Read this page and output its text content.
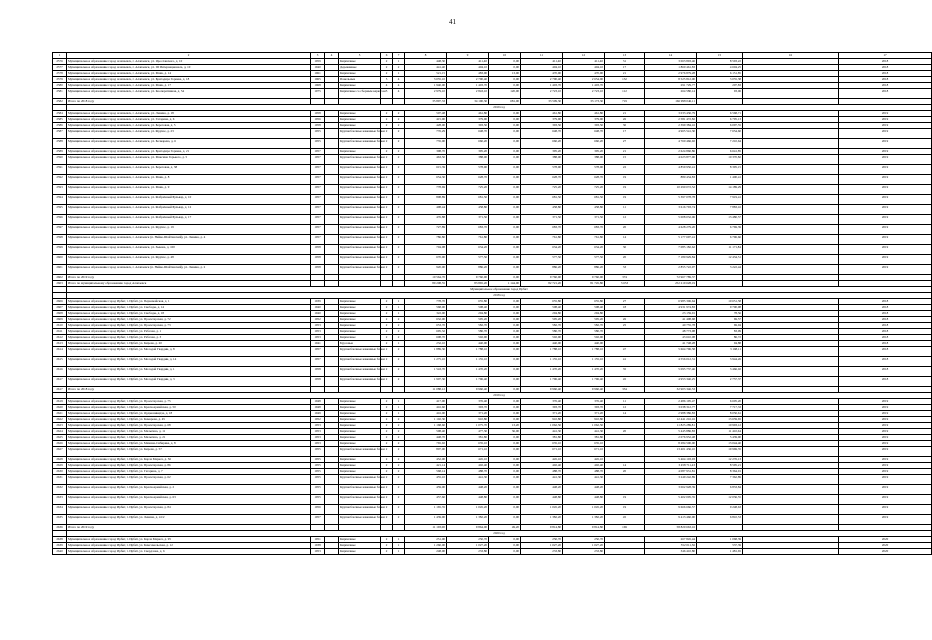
41
1	2	3	4	5	6	7	8	9	10	11	12	13	14	15	16	17
2576	Муниципальное образование город Алапаевск, г. Алапаевск, ул. Ярославского, д. 10	1959		Кирпичные	2	1	448,30	411,40	0,00	411,40	411,40	31	3 063 893,46	8 593,22		2018
2577	Муниципальное образование город Алапаевск, г. Алапаевск, ул. III Интернационала, д. 10	1940		Деревянные	2	2	441,40	404,10	0,00	404,10	404,10	17	1 860 461,83	4 604,25		2018
2578	Муниципальное образование город Алапаевск, г. Алапаевск, ул. Маяк, д. 14	1961		Кирпичные	2	1	521,15	483,90	13,00	470,90	470,90	21	2 976 879,28	6 151,85		2018
2579	Муниципальное образование город Алапаевск, г. Алапаевск, ул. Бригадира Горяева, д. 18	1965		Панельные	5	4	3 055,10	2 790,40	0,00	2 790,40	2 654,90	132	8 525 812,00	3 055,38		2018
2580	Муниципальное образование город Алапаевск, г. Алапаевск, ул. Маяк, д. 17	1968		Кирпичные	4	4	1 940,00	1 403,70	0,00	1 403,70	1 403,70		291 729,77	207,83		2018
2581	Муниципальное образование город Алапаевск, г. Алапаевск, ул. Кооперативная, д. 54	1975		Кирпичные со сборным каркасом	5	4	2 979,10	2 843,10	120,00	2 723,10	2 723,10	112	264 580,14	93,06		2018
2582	Итого по 2018 году						35 897,33	34 190,30	681,00	33 509,30	33 173,30	719	166 998 046,11			
	2019 год															
2584	Муниципальное образование город Алапаевск, г. Алапаевск, ул. Ленина, д. 18	1958		Кирпичные	2	2	507,48	461,80	0,00	461,80	461,80	21	3 033 430,79	6 568,71		2019
2585	Муниципальное образование город Алапаевск, г. Алапаевск, ул. Гагарина, д. 6	1956		Кирпичные	2	2	415,90	379,90	0,00	379,90	379,90	26	2 581 472,82	6 795,13		2019
2586	Муниципальное образование город Алапаевск, г. Алапаевск, ул. Береговая, д. 5	1958		Кирпичные	2	2	428,00	393,50	0,00	393,50	393,50	30	2 399 384,16	6 097,55		2019
2587	Муниципальное образование город Алапаевск, г. Алапаевск, ул. Фрунзе, д. 23	1955		Крупноблочные каменные блоки	2	2	776,29	648,70	0,00	648,70	648,70	17	4 965 541,30	7 654,60		2019
2588	Муниципальное образование город Алапаевск, г. Алапаевск, ул. Бочкарева, д. 6	1955		Крупноблочные каменные блоки	2	2	735,00	660,20	0,00	660,20	660,20	27	4 760 466,92	7 210,64		2019
2589	Муниципальное образование город Алапаевск, г. Алапаевск, ул. Бригадира Горяева, д. 21	1957		Кирпичные	2	2	398,70	395,20	0,00	395,20	395,20	21	2 624 860,86	6 641,85		2019
2590	Муниципальное образование город Алапаевск, г. Алапаевск, ул. Максима Горького, д. 5	1957		Крупноблочные каменные блоки	2	2	463,50	388,00	0,00	388,00	388,00	15	4 023 877,90	10 370,82		2019
2591	Муниципальное образование город Алапаевск, г. Алапаевск, ул. Береговая, д. 38	1957		Крупноблочные каменные блоки	2	2	615,39	578,90	0,00	578,90	578,90	22	4 859 950,41	8 395,15		2019
2592	Муниципальное образование город Алапаевск, г. Алапаевск, ул. Маяк, д. 8	1957		Крупноблочные каменные блоки	2	2	654,30	628,70	0,00	628,70	628,70	19	880 434,83	1 400,41		2019
2593	Муниципальное образование город Алапаевск, г. Алапаевск, ул. Маяк, д. 9	1957		Крупноблочные каменные блоки	2	2	778,69	725,20	0,00	725,20	725,20	19	10 290 072,52	14 189,29		2019
2594	Муниципальное образование город Алапаевск, г. Алапаевск, ул. Фабричный Бульвар, д. 10	1957		Крупноблочные каменные блоки	2	2	808,89	681,50	0,00	681,50	681,50	19	5 397 078,78	7 919,41		2019
2595	Муниципальное образование город Алапаевск, г. Алапаевск, ул. Фабричный Бульвар, д. 12	1957		Крупноблочные каменные блоки	2	2	498,44	458,80	0,00	458,80	458,80	11	3 616 793,74	7 883,16		2019
2596	Муниципальное образование город Алапаевск, г. Алапаевск, ул. Фабричный Бульвар, д. 17	1957		Крупноблочные каменные блоки	2	2	476,88	371,50	0,00	371,50	371,50	12	5 008 032,06	13 480,57		2019
2597	Муниципальное образование город Алапаевск, г. Алапаевск, ул. Фрунзе, д. 19	1957		Крупноблочные каменные блоки	2	2	727,89	683,70	0,00	683,70	683,70	20	4 628 279,20	6 769,39		2019
2598	Муниципальное образование город Алапаевск, г. Алапаевск (п. Нейво-Шайтанский), ул. Ленина, д. 4	1957		Крупноблочные каменные блоки	2	2	786,80	761,80	0,00	761,80	761,80	14	5 177 697,41	6 796,66		2019
2599	Муниципальное образование город Алапаевск, г. Алапаевск, ул. Зыкова, д. 100	1958		Крупноблочные каменные блоки	2	2	704,98	634,20	0,00	634,20	634,20	30	7 085 182,62	11 171,84		2019
2600	Муниципальное образование город Алапаевск, г. Алапаевск, ул. Фрунзе, д. 48	1958		Крупноблочные каменные блоки	2	2	670,90	577,50	0,00	577,50	577,50	20	7 180 929,84	12 434,51		2019
2601	Муниципальное образование город Алапаевск, г. Алапаевск (п. Нейво-Шайтанский), ул. Ленина, д. 2	1958		Крупноблочные каменные блоки	2	2	920,00	886,20	0,00	886,20	886,20	33	2 855 722,97	3 222,44		2019
2602	Итого по 2019 году						10 564,70	9 760,90	0,00	9 760,90	9 760,90	374	72 967 789,37			
2603	Итого по муниципальному образованию город Алапаевск						89 208,55	83 865,20	1 144,00	82 721,20	81 745,80	3 653	252 219 628,19			
	Муниципальное образование город Ирбит															
	2018 год															
2606	Муниципальное образование город Ирбит, г. Ирбит, ул. Первомайская, д. 1	1939		Кирпичные	2	1	778,70	655,80	0,00	655,80	655,80	27	6 985 306,64	10 651,58		2018
2607	Муниципальное образование город Ирбит, г. Ирбит, ул. Свободы, д. 14	1940		Кирпичные	2	1	568,00	508,40	0,00	508,40	508,40	18	4 931 974,83	9 700,98		2018
2608	Муниципальное образование город Ирбит, г. Ирбит, ул. Свободы, д. 18	1940		Кирпичные	2	1	322,00	294,80	0,00	294,80	294,80		23 159,91	78,56		2018
2609	Муниципальное образование город Ирбит, г. Ирбит, ул. Пролетарская, д. 72	1952		Кирпичные	2	2	632,00	595,20	0,00	595,20	595,20	26	41 408,68	69,57		2018
2610	Муниципальное образование город Ирбит, г. Ирбит, ул. Пролетарская, д. 73	1953		Кирпичные	2	2	653,70	582,70	0,00	582,70	582,70	25	40 755,78	69,94		2018
2611	Муниципальное образование город Ирбит, г. Ирбит, ул. Рабочая, д. 1	1953		Кирпичные	2	2	695,32	580,70	0,00	580,70	580,70		48 773,98	83,99		2018
2612	Муниципальное образование город Ирбит, г. Ирбит, ул. Рабочая, д. 3	1953		Кирпичные	2	2	608,70	502,90	0,00	502,90	502,90		43 610,08	86,72		2018
2613	Муниципальное образование город Ирбит, г. Ирбит, ул. Кирова, д. 20	1941		Брусовые	2	1	232,10	440,00	0,00	440,00	440,00		41 748,28	94,88		2018
2614	Муниципальное образование город Ирбит, г. Ирбит, ул. Молодой Гвардии, д. 8	1957		Крупноблочные каменные блоки	2	2	1 889,30	1 788,10	0,00	1 788,10	1 788,10	47	5 664 796,58	3 168,11		2018
2615	Муниципальное образование город Ирбит, г. Ирбит, ул. Молодой Гвардии, д. 14	1957		Крупноблочные каменные блоки	2	2	1 275,10	1 155,10	0,00	1 155,10	1 155,10	41	4 556 012,31	3 944,26		2018
2616	Муниципальное образование город Ирбит, г. Ирбит, ул. Молодой Гвардии, д. 1	1958		Крупноблочные каменные блоки	2	2	1 543,70	1 470,20	0,00	1 470,20	1 470,20	35	5 095 737,46	3 466,02		2018
2617	Муниципальное образование город Ирбит, г. Ирбит, ул. Молодой Гвардии, д. 3	1958		Крупноблочные каменные блоки	2	2	1 907,30	1 796,40	0,00	1 796,40	1 796,40	45	4 953 340,25	2 757,37		2018
2617	Итого по 2018 году						11 088,12	9 960,40	0,00	9 960,40	9 960,40	334	32 903 346,53			
	2019 год															
2619	Муниципальное образование город Ирбит, г. Ирбит, ул. Пролетарская, д. 75	1948		Кирпичные	2	1	417,00	376,40	0,00	376,40	376,40	11	2 486 195,47	6 605,20		2019
2620	Муниципальное образование город Ирбит, г. Ирбит, ул. Красноармейская, д. 50	1948		Кирпичные	2	1	416,60	393,70	0,00	393,70	393,70	12	3 038 312,77	7 717,33		2019
2621	Муниципальное образование город Ирбит, г. Ирбит, ул. Орджоникидзе, д. 18	1949		Кирпичные	2	1	416,00	371,20	0,00	371,20	371,20	14	2 988 386,83	8 050,61		2019
2622	Муниципальное образование город Ирбит, г. Ирбит, ул. Комарова, д. 45	1952		Кирпичные	2	2	1 102,30	910,80	0,00	910,80	910,80		12 441 216,16	13 659,65		2019
2623	Муниципальное образование город Ирбит, г. Ирбит, ул. Пролетарская, д. 68	1953		Кирпичные	2	2	1 168,60	1 075,70	13,20	1 062,50	1 062,50		11 825 289,81	10 993,12		2019
2624	Муниципальное образование город Ирбит, г. Ирбит, ул. Мальгина, д. 11	1953		Кирпичные	2	2	598,40	477,30	36,00	441,30	441,30	20	5 445 886,83	11 410,64		2019
2625	Муниципальное образование город Ирбит, г. Ирбит, ул. Мальгина, д. 21	1953		Кирпичные	2	2	448,70	381,80	0,00	381,80	381,80		2 076 952,48	5 439,90		2019
2626	Муниципальное образование город Ирбит, г. Ирбит, ул. Мамина-Сибиряка, д. 8	1953		Кирпичные	2	2	765,92	635,10	0,00	635,10	635,10		8 284 500,00	13 044,40		2019
2627	Муниципальное образование город Ирбит, г. Ирбит, ул. Кирова, д. 57	1955		Крупноблочные каменные блоки	2	2	807,00	671,10	0,00	671,10	671,10		13 401 436,10	19 969,35		2019
2628	Муниципальное образование город Ирбит, г. Ирбит, ул. Карла Маркса, д. 56	1955		Кирпичные	2	2	452,00	445,10	0,00	445,10	445,10		5 464 103,93	12 276,13		2019
2629	Муниципальное образование город Ирбит, г. Ирбит, ул. Пролетарская, д. 86	1955		Кирпичные	2	2	421,14	402,40	0,00	402,40	402,40	14	3 458 711,43	8 595,21		2019
2630	Муниципальное образование город Ирбит, г. Ирбит, ул. Гагарина, д. 7	1955		Кирпичные	2	2	568,14	488,70	0,00	488,70	488,70	20	4 087 931,81	8 364,91		2019
2631	Муниципальное образование город Ирбит, г. Ирбит, ул. Пролетарская, д. 62	1955		Крупноблочные каменные блоки	2	2	455,10	441,30	0,00	441,30	441,30		3 249 242,89	7 362,89		2019
2632	Муниципальное образование город Ирбит, г. Ирбит, ул. Красноармейская, д. 2	1955		Крупноблочные каменные блоки	2	2	459,00	448,20	0,00	448,20	448,20		3 062 928,39	6 833,84		2019
2633	Муниципальное образование город Ирбит, г. Ирбит, ул. Красноармейская, д. 63	1955		Крупноблочные каменные блоки	2	2	457,60	448,80	0,00	448,80	448,80	19	5 402 005,35	12 036,55		2019
2634	Муниципальное образование город Ирбит, г. Ирбит, ул. Пролетарская, д. 84	1956		Крупноблочные каменные блоки	2	2	1 165,35	1 045,20	0,00	1 045,20	1 045,20	19	9 666 666,57	9 248,63		2019
2635	Муниципальное образование город Ирбит, г. Ирбит, ул. Ленина, д. 41/2	1957		Крупноблочные каменные блоки	2	2	1 439,90	1 382,20	0,00	1 382,20	1 382,20	45	9 413 460,90	6 810,53		2019
2636	Итого по 2019 году						11 193,00	9 864,00	49,20	9 814,80	9 814,80	169	58 820 663,16			
	2020 год															
2638	Муниципальное образование город Ирбит, г. Ирбит, ул. Карла Маркса, д. 95	1951		Кирпичные	2	1	251,00	250,70	0,00	250,70	250,70		267 845,44	1 068,39		2020
2639	Муниципальное образование город Ирбит, г. Ирбит, ул. Комсомольская, д. 12	1938		Кирпичные	2	1	1 260,00	1 027,20	0,00	1 027,20	1 027,20		552 011,56	537,39		2020
2640	Муниципальное образование город Ирбит, г. Ирбит, ул. Свердлова, д. 6	1953		Кирпичные	2	1	248,00	233,80	0,00	233,80	233,80		346 410,80	1 481,65		2020
